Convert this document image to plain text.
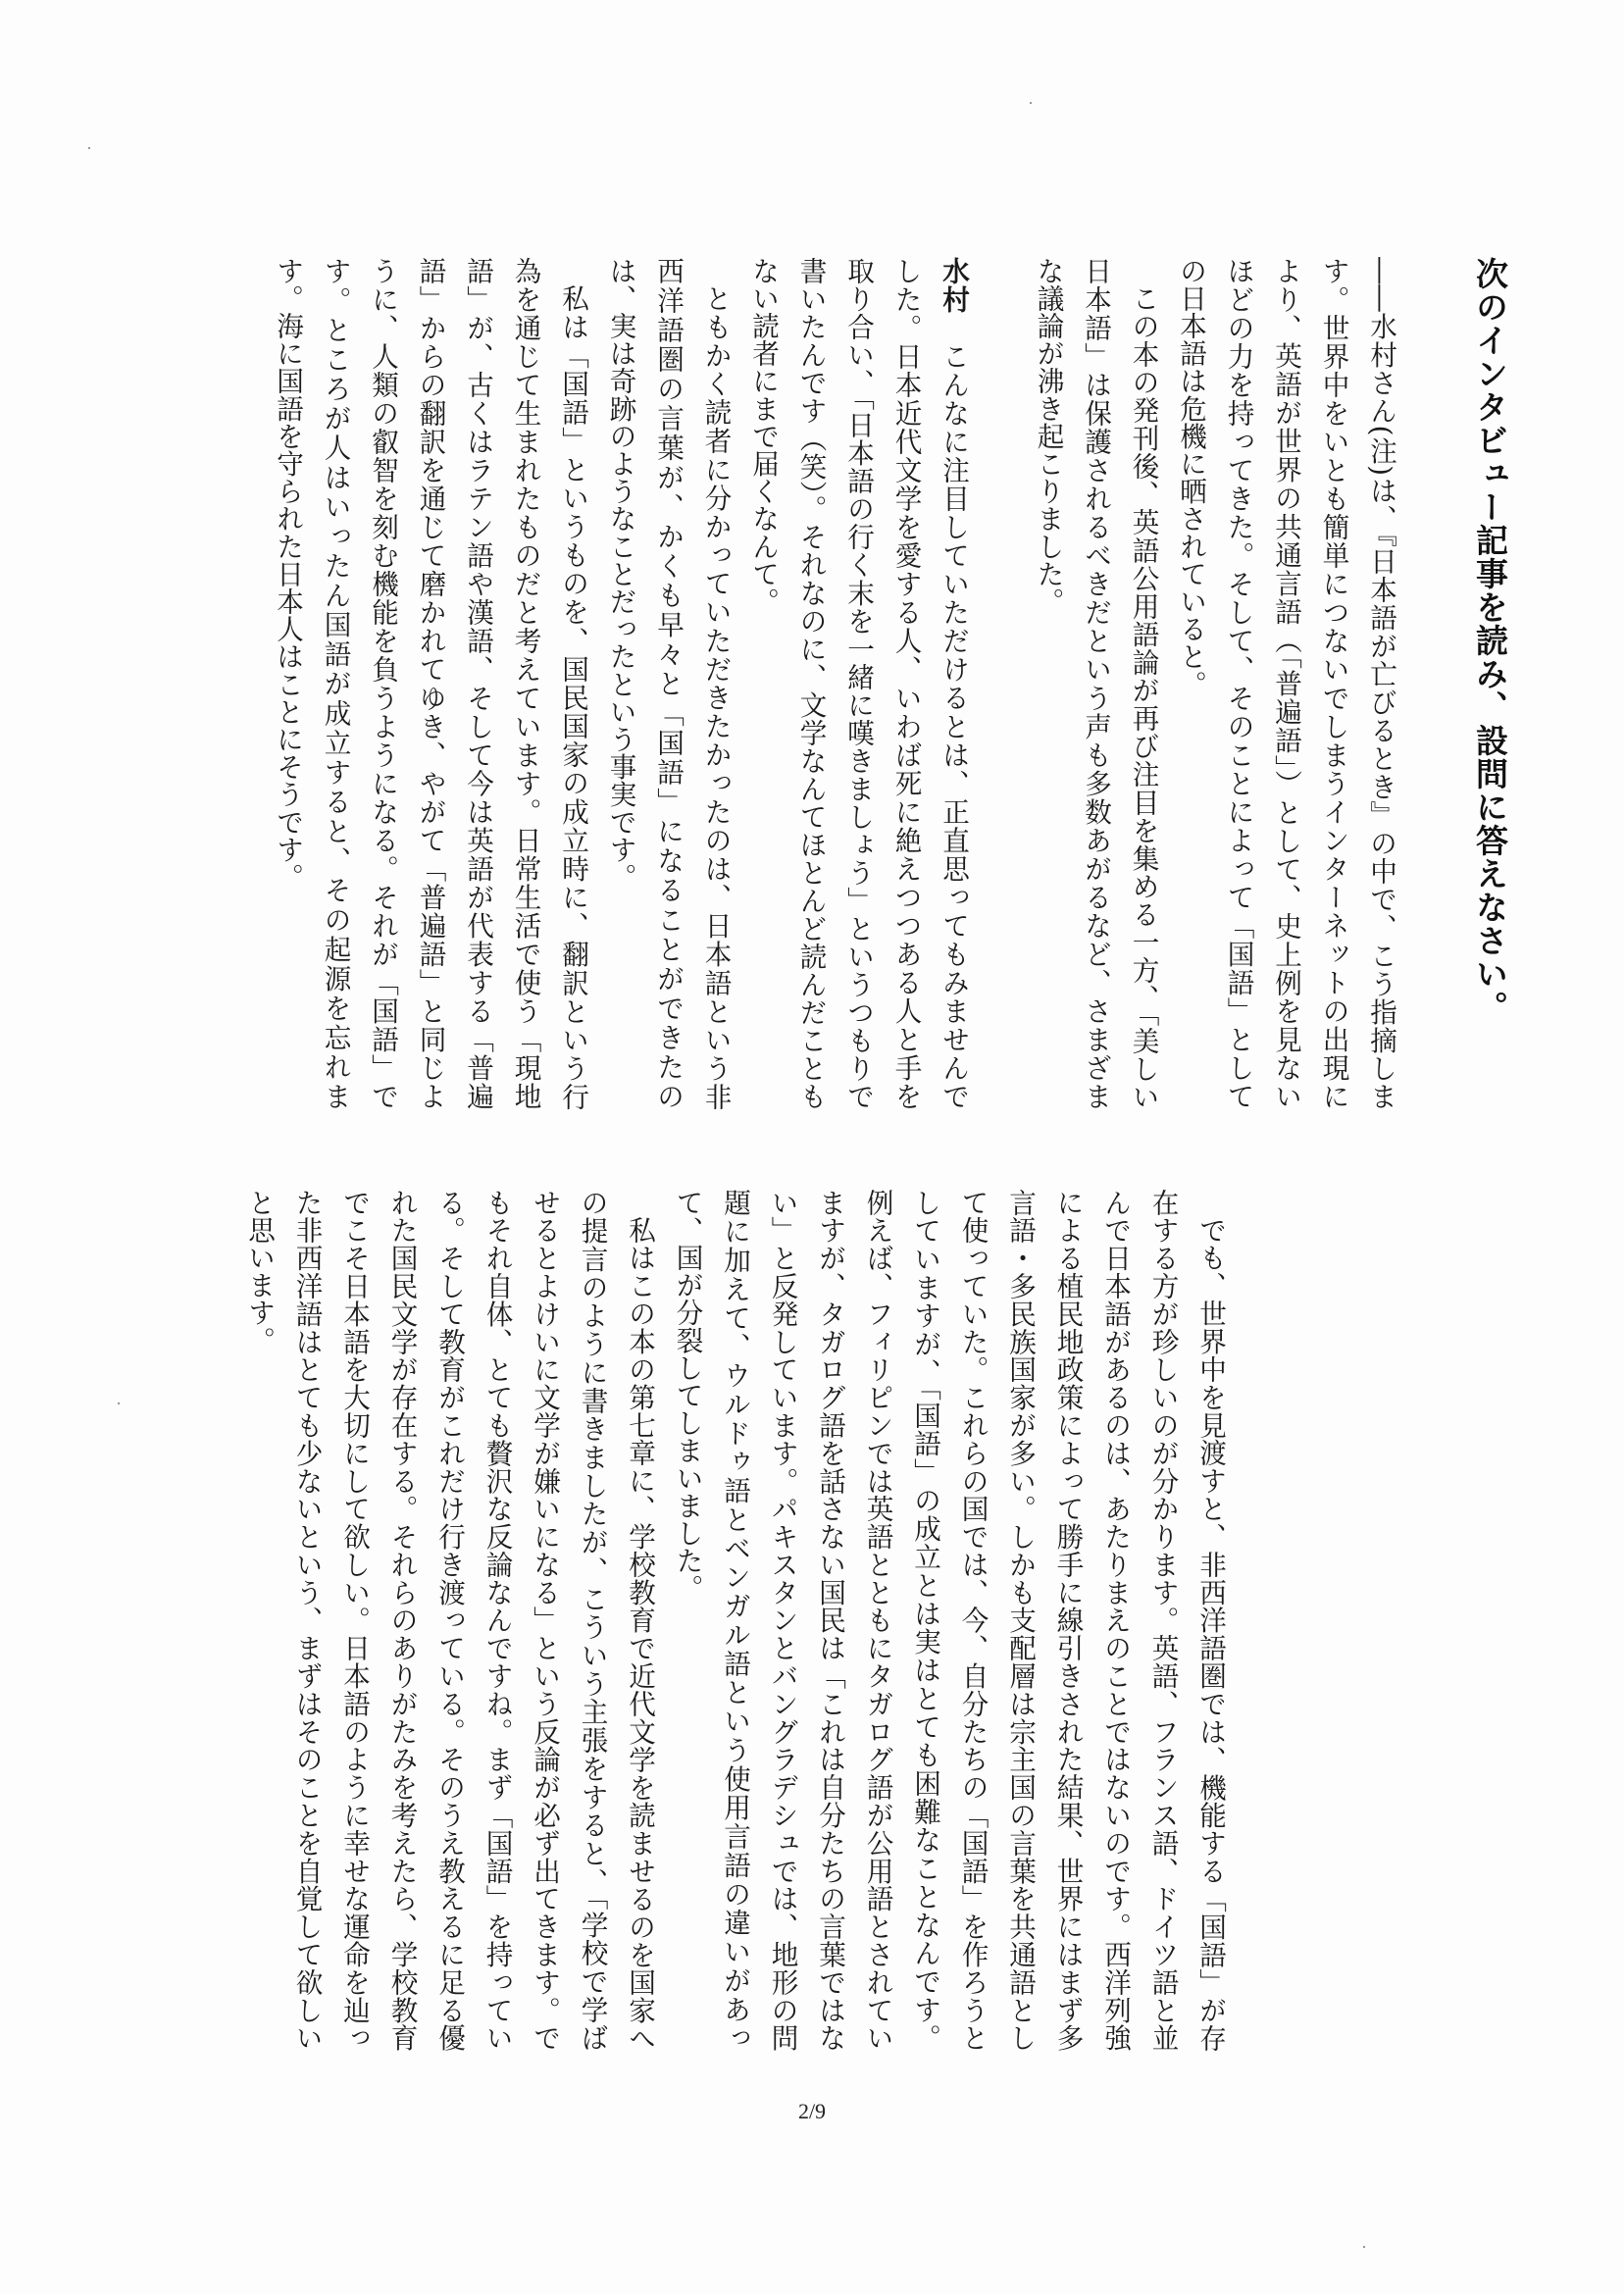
次のインタビュー記事を読み、設問に答えなさい。

――水村さん(注)は、『日本語が亡びるとき』の中で、こう指摘します。世界中をいとも簡単につないでしまうインターネットの出現により、英語が世界の共通言語（「普遍語」）として、史上例を見ないほどの力を持ってきた。そして、そのことによって「国語」としての日本語は危機に晒されていると。

この本の発刊後、英語公用語論が再び注目を集める一方、「美しい日本語」は保護されるべきだという声も多数あがるなど、さまざまな議論が沸き起こりました。

水村　こんなに注目していただけるとは、正直思ってもみませんでした。日本近代文学を愛する人、いわば死に絶えつつある人と手を取り合い、「日本語の行く末を一緒に嘆きましょう」というつもりで書いたんです（笑）。それなのに、文学なんてほとんど読んだこともない読者にまで届くなんて。

ともかく読者に分かっていただきたかったのは、日本語という非西洋語圏の言葉が、かくも早々と「国語」になることができたのは、実は奇跡のようなことだったという事実です。

私は「国語」というものを、国民国家の成立時に、翻訳という行為を通じて生まれたものだと考えています。日常生活で使う「現地語」が、古くはラテン語や漢語、そして今は英語が代表する「普遍語」からの翻訳を通じて磨かれてゆき、やがて「普遍語」と同じように、人類の叡智を刻む機能を負うようになる。それが「国語」です。ところが人はいったん国語が成立すると、その起源を忘れます。海に国語を守られた日本人はことにそうです。

でも、世界中を見渡すと、非西洋語圏では、機能する「国語」が存在する方が珍しいのが分かります。英語、フランス語、ドイツ語と並んで日本語があるのは、あたりまえのことではないのです。西洋列強による植民地政策によって勝手に線引きされた結果、世界にはまず多言語・多民族国家が多い。しかも支配層は宗主国の言葉を共通語として使っていた。これらの国では、今、自分たちの「国語」を作ろうとしていますが、「国語」の成立とは実はとても困難なことなんです。例えば、フィリピンでは英語とともにタガログ語が公用語とされていますが、タガログ語を話さない国民は「これは自分たちの言葉ではない」と反発しています。パキスタンとバングラデシュでは、地形の問題に加えて、ウルドゥ語とベンガル語という使用言語の違いがあって、国が分裂してしまいました。

私はこの本の第七章に、学校教育で近代文学を読ませるのを国家への提言のように書きましたが、こういう主張をすると、「学校で学ばせるとよけいに文学が嫌いになる」という反論が必ず出てきます。でもそれ自体、とても贅沢な反論なんですね。まず「国語」を持っている。そして教育がこれだけ行き渡っている。そのうえ教えるに足る優れた国民文学が存在する。それらのありがたみを考えたら、学校教育でこそ日本語を大切にして欲しい。日本語のように幸せな運命を辿った非西洋語はとても少ないという、まずはそのことを自覚して欲しいと思います。

2/9
